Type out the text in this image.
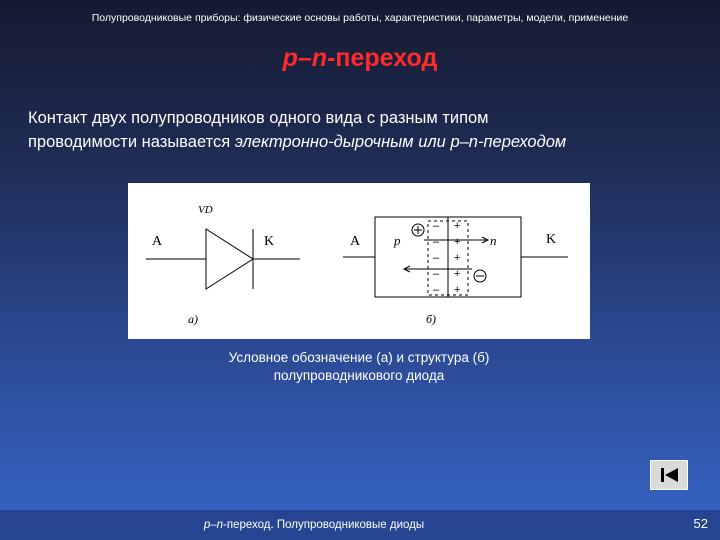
Полупроводниковые приборы: физические основы работы, характеристики, параметры, модели, применение
p–n-переход
Контакт двух полупроводников одного вида с разным типом
проводимости называется электронно-дырочным или p–n-переходом
VD
A	K
a)
A	K
p	n
–
–
–
–
–
+
+
+
+
+
б)
Условное обозначение (а) и структура (б)
полупроводникового диода
p–n-переход. Полупроводниковые диоды	52
